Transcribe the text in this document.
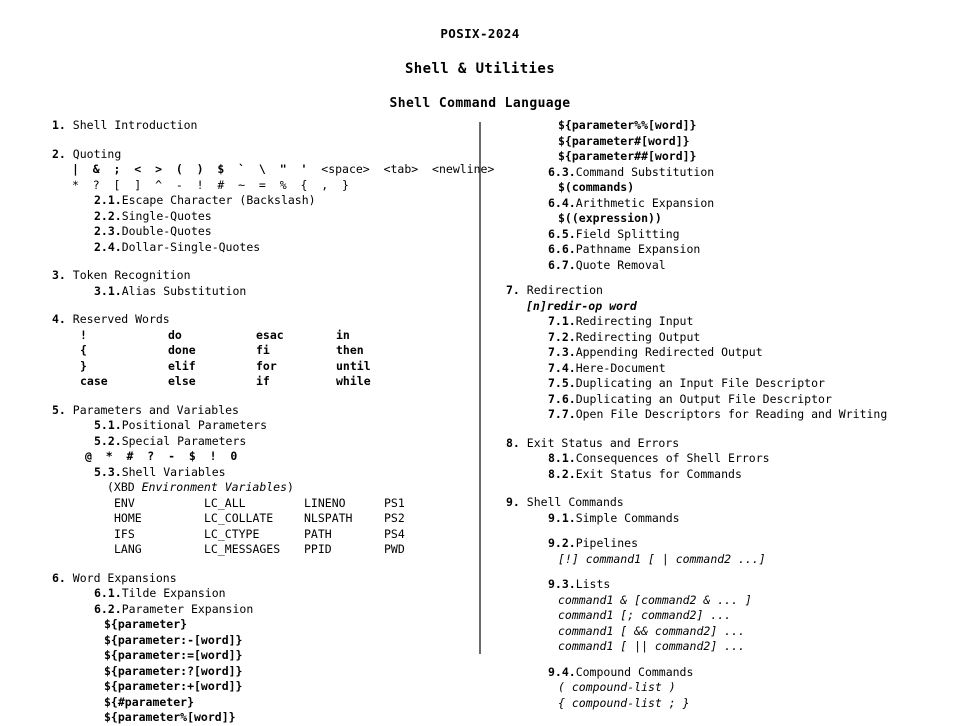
POSIX-2024
Shell & Utilities
Shell Command Language
1. Shell Introduction
2. Quoting
|  &  ;  <  >  (  )  $  `  \  "  ' <space>  <tab>  <newline>
*  ?  [  ]  ^  -  !  #  ~  =  %  {  ,  }
2.1.Escape Character (Backslash)
2.2.Single-Quotes
2.3.Double-Quotes
2.4.Dollar-Single-Quotes
3. Token Recognition
3.1.Alias Substitution
4. Reserved Words
!	do	esac	in
{	done	fi	then
}	elif	for	until
case	else	if	while
5. Parameters and Variables
5.1.Positional Parameters
5.2.Special Parameters
@  *  #  ?  -  $  !  0
5.3.Shell Variables
(XBD Environment Variables)
ENV	LC_ALL	LINENO	PS1
HOME	LC_COLLATE	NLSPATH	PS2
IFS	LC_CTYPE	PATH	PS4
LANG	LC_MESSAGES	PPID	PWD
6. Word Expansions
6.1.Tilde Expansion
6.2.Parameter Expansion
${parameter}
${parameter:-[word]}
${parameter:=[word]}
${parameter:?[word]}
${parameter:+[word]}
${#parameter}
${parameter%[word]}
${parameter%%[word]}
${parameter#[word]}
${parameter##[word]}
6.3.Command Substitution
$(commands)
6.4.Arithmetic Expansion
$((expression))
6.5.Field Splitting
6.6.Pathname Expansion
6.7.Quote Removal
7. Redirection
[n]redir-op word
7.1.Redirecting Input
7.2.Redirecting Output
7.3.Appending Redirected Output
7.4.Here-Document
7.5.Duplicating an Input File Descriptor
7.6.Duplicating an Output File Descriptor
7.7.Open File Descriptors for Reading and Writing
8. Exit Status and Errors
8.1.Consequences of Shell Errors
8.2.Exit Status for Commands
9. Shell Commands
9.1.Simple Commands
9.2.Pipelines
[!] command1 [ | command2 ...]
9.3.Lists
command1 & [command2 & ... ]
command1 [; command2] ...
command1 [ && command2] ...
command1 [ || command2] ...
9.4.Compound Commands
( compound-list )
{ compound-list ; }
